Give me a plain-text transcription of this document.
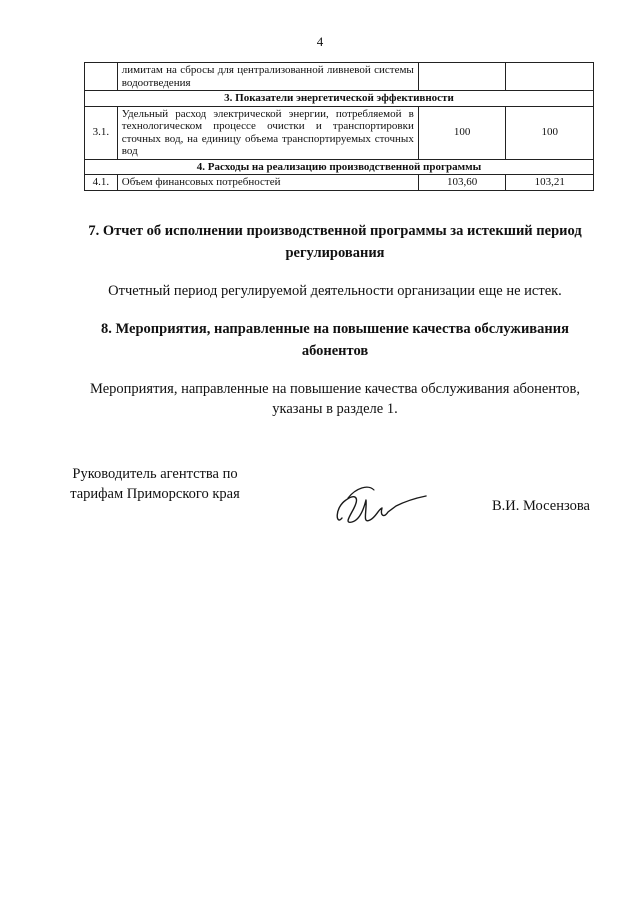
4
	лимитам на сбросы для централизованной ливневой системы водоотведения		
3. Показатели энергетической эффективности			
3.1.	Удельный расход электрической энергии, потребляемой в технологическом процессе очистки и транспортировки сточных вод, на единицу объема транспортируемых сточных вод	100	100
4. Расходы на реализацию производственной программы			
4.1.	Объем финансовых потребностей	103,60	103,21
7. Отчет об исполнении производственной программы за истекший период регулирования
Отчетный период регулируемой деятельности организации еще не истек.
8. Мероприятия, направленные на повышение качества обслуживания абонентов
Мероприятия, направленные на повышение качества обслуживания абонентов, указаны в разделе 1.
Руководитель агентства по тарифам Приморского края
В.И. Мосензова
